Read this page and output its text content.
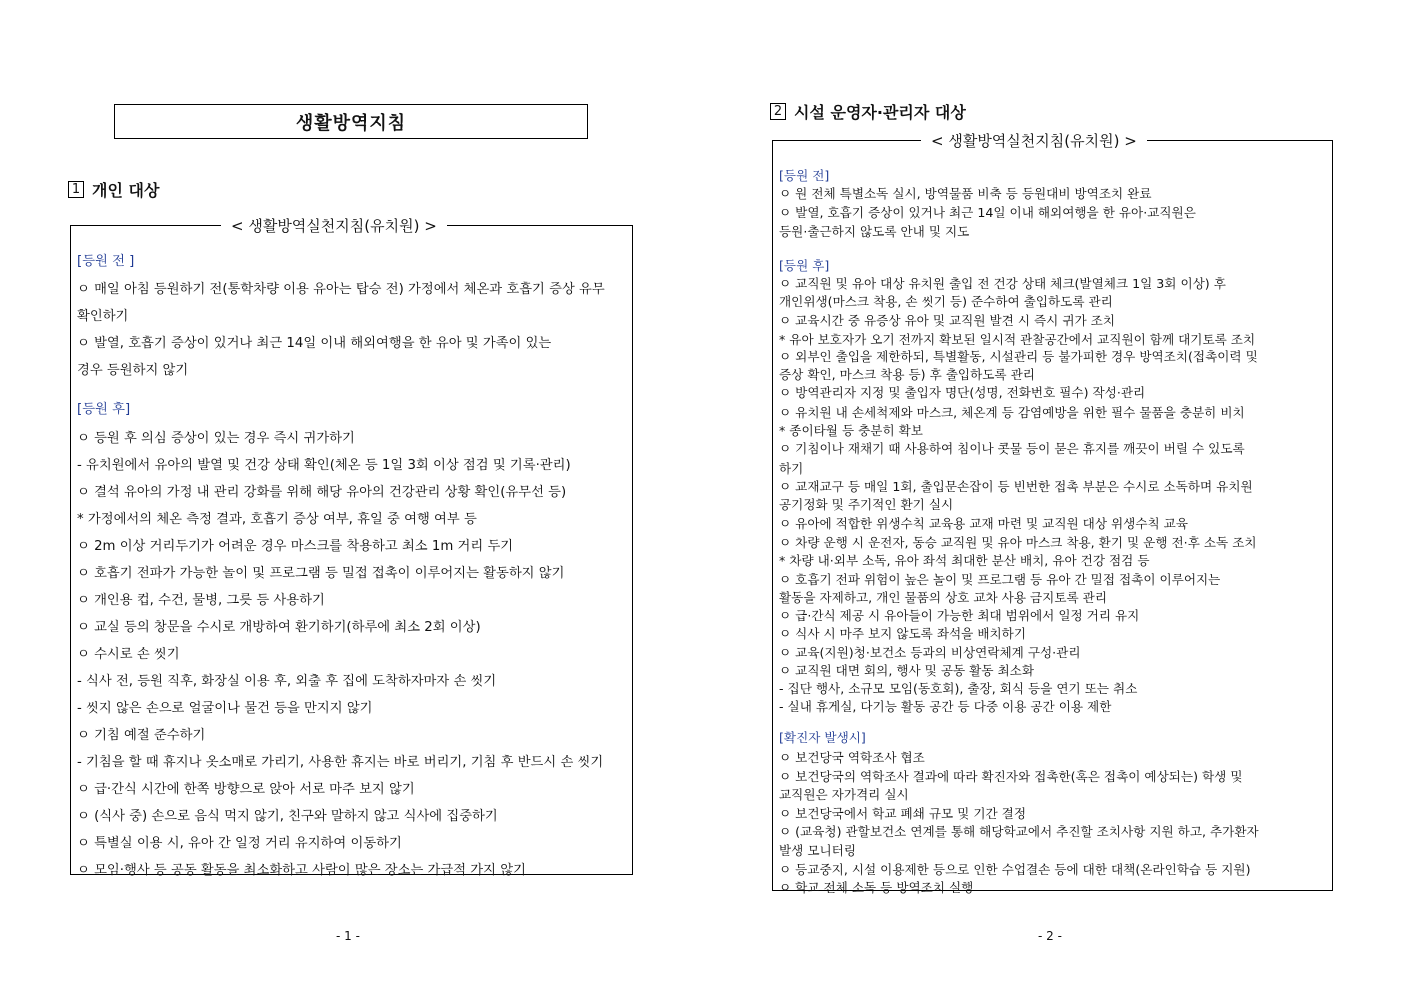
생활방역지침
1 개인 대상
< 생활방역실천지침(유치원) >
[등원 전 ]
ㅇ 매일 아침 등원하기 전(통학차량 이용 유아는 탑승 전) 가정에서 체온과 호흡기 증상 유무
확인하기
ㅇ 발열, 호흡기 증상이 있거나 최근 14일 이내 해외여행을 한 유아 및 가족이 있는
경우 등원하지 않기
[등원 후]
ㅇ 등원 후 의심 증상이 있는 경우 즉시 귀가하기
- 유치원에서 유아의 발열 및 건강 상태 확인(체온 등 1일 3회 이상 점검 및 기록·관리)
ㅇ 결석 유아의 가정 내 관리 강화를 위해 해당 유아의 건강관리 상황 확인(유무선 등)
* 가정에서의 체온 측정 결과, 호흡기 증상 여부, 휴일 중 여행 여부 등
ㅇ 2m 이상 거리두기가 어려운 경우 마스크를 착용하고 최소 1m 거리 두기
ㅇ 호흡기 전파가 가능한 놀이 및 프로그램 등 밀접 접촉이 이루어지는 활동하지 않기
ㅇ 개인용 컵, 수건, 물병, 그릇 등 사용하기
ㅇ 교실 등의 창문을 수시로 개방하여 환기하기(하루에 최소 2회 이상)
ㅇ 수시로 손 씻기
- 식사 전, 등원 직후, 화장실 이용 후, 외출 후 집에 도착하자마자 손 씻기
- 씻지 않은 손으로 얼굴이나 물건 등을 만지지 않기
ㅇ 기침 예절 준수하기
- 기침을 할 때 휴지나 옷소매로 가리기, 사용한 휴지는 바로 버리기, 기침 후 반드시 손 씻기
ㅇ 급·간식 시간에 한쪽 방향으로 앉아 서로 마주 보지 않기
ㅇ (식사 중) 손으로 음식 먹지 않기, 친구와 말하지 않고 식사에 집중하기
ㅇ 특별실 이용 시, 유아 간 일정 거리 유지하여 이동하기
ㅇ 모임·행사 등 공동 활동을 최소화하고 사람이 많은 장소는 가급적 가지 않기
- 1 -
2 시설 운영자·관리자 대상
< 생활방역실천지침(유치원) >
[등원 전]
ㅇ 원 전체 특별소독 실시, 방역물품 비축 등 등원대비 방역조치 완료
ㅇ 발열, 호흡기 증상이 있거나 최근 14일 이내 해외여행을 한 유아·교직원은
등원·출근하지 않도록 안내 및 지도
[등원 후]
ㅇ 교직원 및 유아 대상 유치원 출입 전 건강 상태 체크(발열체크 1일 3회 이상) 후
개인위생(마스크 착용, 손 씻기 등) 준수하여 출입하도록 관리
ㅇ 교육시간 중 유증상 유아 및 교직원 발견 시 즉시 귀가 조치
* 유아 보호자가 오기 전까지 확보된 일시적 관찰공간에서 교직원이 함께 대기토록 조치
ㅇ 외부인 출입을 제한하되, 특별활동, 시설관리 등 불가피한 경우 방역조치(접촉이력 및
증상 확인, 마스크 착용 등) 후 출입하도록 관리
ㅇ 방역관리자 지정 및 출입자 명단(성명, 전화번호 필수) 작성·관리
ㅇ 유치원 내 손세척제와 마스크, 체온계 등 감염예방을 위한 필수 물품을 충분히 비치
* 종이타월 등 충분히 확보
ㅇ 기침이나 재채기 때 사용하여 침이나 콧물 등이 묻은 휴지를 깨끗이 버릴 수 있도록
하기
ㅇ 교재교구 등 매일 1회, 출입문손잡이 등 빈번한 접촉 부분은 수시로 소독하며 유치원
공기정화 및 주기적인 환기 실시
ㅇ 유아에 적합한 위생수칙 교육용 교재 마련 및 교직원 대상 위생수칙 교육
ㅇ 차량 운행 시 운전자, 동승 교직원 및 유아 마스크 착용, 환기 및 운행 전·후 소독 조치
* 차량 내·외부 소독, 유아 좌석 최대한 분산 배치, 유아 건강 점검 등
ㅇ 호흡기 전파 위험이 높은 놀이 및 프로그램 등 유아 간 밀접 접촉이 이루어지는
활동을 자제하고, 개인 물품의 상호 교차 사용 금지토록 관리
ㅇ 급·간식 제공 시 유아들이 가능한 최대 범위에서 일정 거리 유지
ㅇ 식사 시 마주 보지 않도록 좌석을 배치하기
ㅇ 교육(지원)청·보건소 등과의 비상연락체계 구성·관리
ㅇ 교직원 대면 회의, 행사 및 공동 활동 최소화
- 집단 행사, 소규모 모임(동호회), 출장, 회식 등을 연기 또는 취소
- 실내 휴게실, 다기능 활동 공간 등 다중 이용 공간 이용 제한
[확진자 발생시]
ㅇ 보건당국 역학조사 협조
ㅇ 보건당국의 역학조사 결과에 따라 확진자와 접촉한(혹은 접촉이 예상되는) 학생 및
교직원은 자가격리 실시
ㅇ 보건당국에서 학교 폐쇄 규모 및 기간 결정
ㅇ (교육청) 관할보건소 연계를 통해 해당학교에서 추진할 조치사항 지원 하고, 추가환자
발생 모니터링
ㅇ 등교중지, 시설 이용제한 등으로 인한 수업결손 등에 대한 대책(온라인학습 등 지원)
ㅇ 학교 전체 소독 등 방역조치 실행
- 2 -
